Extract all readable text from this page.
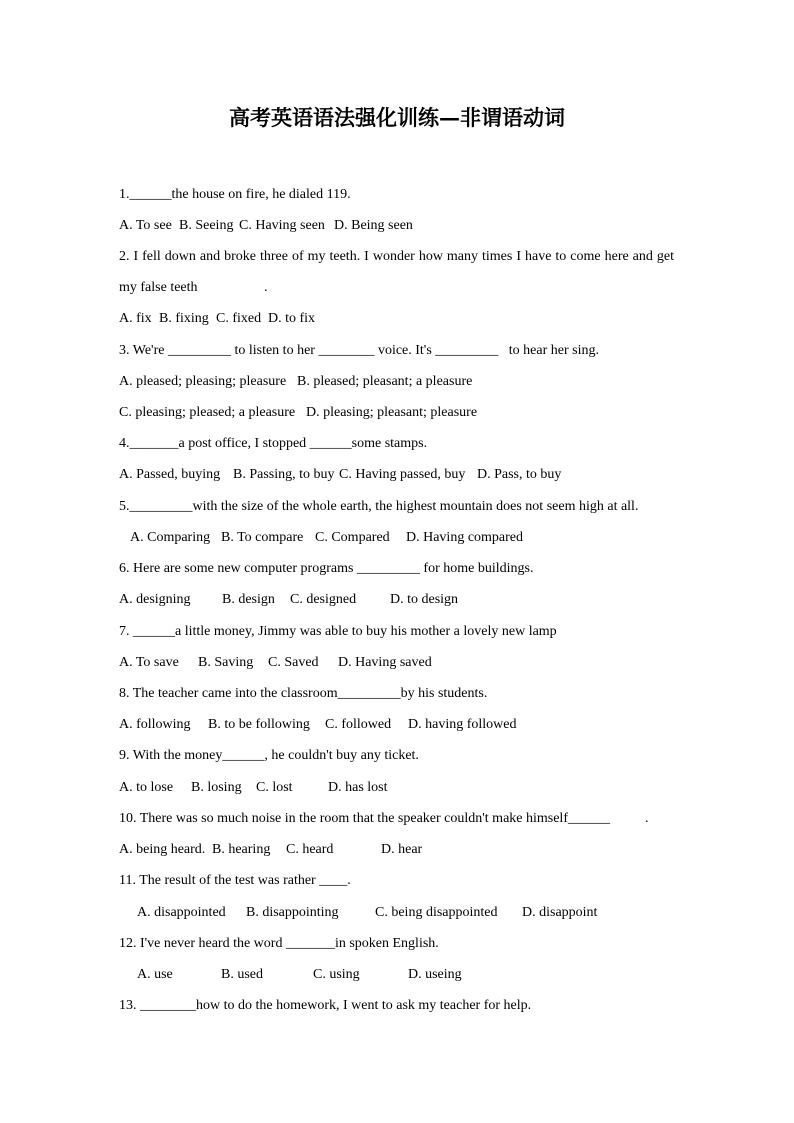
高考英语语法强化训练—非谓语动词
1.______the house on fire, he dialed 119.

A. To see

B. Seeing

C. Having seen

D. Being seen

2. I fell down and broke three of my teeth. I wonder how many times I have to come here and get
my false teeth                   .

A. fix

B. fixing

C. fixed

D. to fix

3. We're _________ to listen to her ________ voice. It's _________   to hear her sing.

A. pleased; pleasing; pleasure

B. pleased; pleasant; a pleasure

C. pleasing; pleased; a pleasure

D. pleasing; pleasant; pleasure

4._______a post office, I stopped ______some stamps.

A. Passed, buying

B. Passing, to buy

C. Having passed, buy

D. Pass, to buy

5._________with the size of the whole earth, the highest mountain does not seem high at all.

A. Comparing

B. To compare

C. Compared

D. Having compared

6. Here are some new computer programs _________ for home buildings.

A. designing

B. design

C. designed

D. to design

7. ______a little money, Jimmy was able to buy his mother a lovely new lamp

A. To save

B. Saving

C. Saved

D. Having saved

8. The teacher came into the classroom_________by his students.

A. following

B. to be following

C. followed

D. having followed

9. With the money______, he couldn't buy any ticket.

A. to lose

B. losing

C. lost

	D. has lost

10. There was so much noise in the room that the speaker couldn't make himself______          .

A. being heard.

B. hearing

C. heard

	D. hear

11. The result of the test was rather ____.

A. disappointed

B. disappointing

	C. being disappointed

D. disappoint

12. I've never heard the word _______in spoken English.

A. use

	B. used

	C. using

	D. useing

13. ________how to do the homework, I went to ask my teacher for help.
